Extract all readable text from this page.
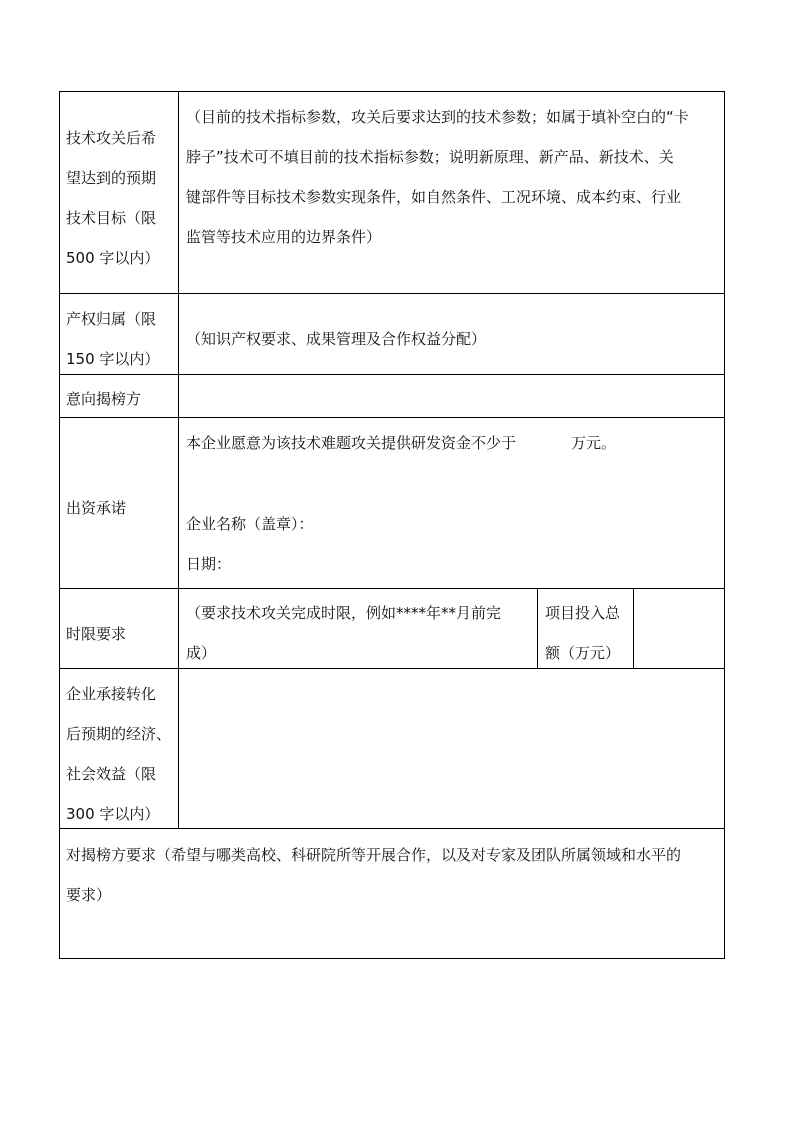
技术攻关后希
望达到的预期
技术目标（限
500 字以内）
（目前的技术指标参数，攻关后要求达到的技术参数；如属于填补空白的“卡
脖子”技术可不填目前的技术指标参数；说明新原理、新产品、新技术、关
键部件等目标技术参数实现条件，如自然条件、工况环境、成本约束、行业
监管等技术应用的边界条件）
产权归属（限
150 字以内）
（知识产权要求、成果管理及合作权益分配）
意向揭榜方
出资承诺
本企业愿意为该技术难题攻关提供研发资金不少于	万元。
企业名称（盖章）：
日期：
时限要求
（要求技术攻关完成时限，例如****年**月前完
成）
项目投入总
额（万元）
企业承接转化
后预期的经济、
社会效益（限
300 字以内）
对揭榜方要求（希望与哪类高校、科研院所等开展合作，以及对专家及团队所属领域和水平的
要求）
